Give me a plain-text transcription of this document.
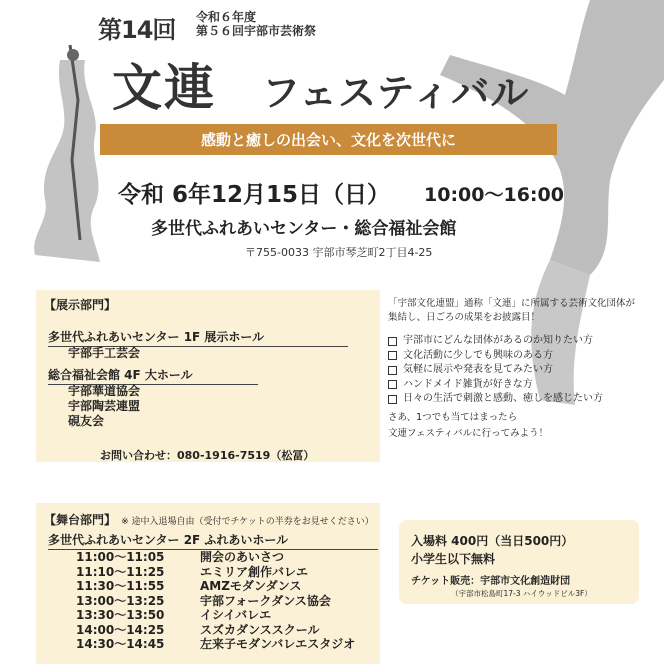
第14回 令和６年度
第５６回宇部市芸術祭
文連 フェスティバル
感動と癒しの出会い、文化を次世代に
令和 6年12月15日（日） 10:00〜16:00
多世代ふれあいセンター・総合福祉会館
〒755-0033 宇部市琴芝町2丁目4-25
【展示部門】
多世代ふれあいセンター 1F 展示ホール
宇部手工芸会
総合福祉会館 4F 大ホール
宇部華道協会
宇部陶芸連盟
硯友会
お問い合わせ：080-1916-7519（松冨）
「宇部文化連盟」通称「文連」に所属する芸術文化団体が集結し、日ごろの成果をお披露目！
宇部市にどんな団体があるのか知りたい方
文化活動に少しでも興味のある方
気軽に展示や発表を見てみたい方
ハンドメイド雑貨が好きな方
日々の生活で刺激と感動、癒しを感じたい方
さあ、1つでも当てはまったら
文連フェスティバルに行ってみよう！
【舞台部門】 ※ 途中入退場自由（受付でチケットの半券をお見せください）
多世代ふれあいセンター 2F ふれあいホール
11:00〜11:05	開会のあいさつ
11:10〜11:25	エミリア創作バレエ
11:30〜11:55	AMZモダンダンス
13:00〜13:25	宇部フォークダンス協会
13:30〜13:50	イシイバレエ
14:00〜14:25	スズカダンススクール
14:30〜14:45	左来子モダンバレエスタジオ
入場料 400円（当日500円）
小学生以下無料
チケット販売：宇部市文化創造財団
（宇部市松島町17-3 ハイウッドビル3F）
